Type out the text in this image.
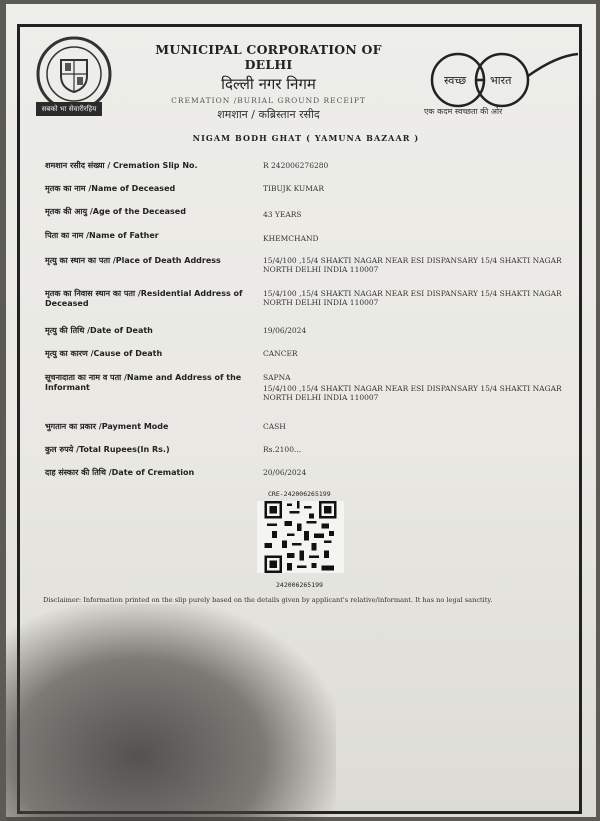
सबको भा सेवारीरहिय
MUNICIPAL CORPORATION OF DELHI
दिल्ली नगर निगम
CREMATION /BURIAL GROUND RECEIPT
शमशान / कब्रिस्तान रसीद
स्वच्छ भारत
एक कदम स्वच्छता की ओर
NIGAM BODH GHAT ( YAMUNA BAZAAR )
शमशान रसीद संख्या / Cremation Slip No.	R 242006276280
मृतक का नाम /Name of Deceased	TIBUJK KUMAR
मृतक की आयु /Age of the Deceased	43 YEARS
पिता का नाम /Name of Father	KHEMCHAND
मृत्यु का स्थान का पता /Place of Death Address	15/4/100 ,15/4 SHAKTI NAGAR NEAR ESI DISPANSARY 15/4 SHAKTI NAGAR NORTH DELHI INDIA 110007
मृतक का निवास स्थान का पता /Residential Address of Deceased
15/4/100 ,15/4 SHAKTI NAGAR NEAR ESI DISPANSARY 15/4 SHAKTI NAGAR NORTH DELHI INDIA 110007
मृत्यु की तिथि /Date of Death	19/06/2024
मृत्यु का कारण /Cause of Death	CANCER
सूचनादाता का नाम व पता /Name and Address of the Informant
SAPNA
15/4/100 ,15/4 SHAKTI NAGAR NEAR ESI DISPANSARY 15/4 SHAKTI NAGAR NORTH DELHI INDIA 110007
भुगतान का प्रकार /Payment Mode	CASH
कुल रुपये /Total Rupees(In Rs.)	Rs.2100...
दाह संस्कार की तिथि /Date of Cremation	20/06/2024
CRE-242006265199
242006265199
Disclaimer: Information printed on the slip purely based on the details given by applicant's relative/informant. It has no legal sanctity.
